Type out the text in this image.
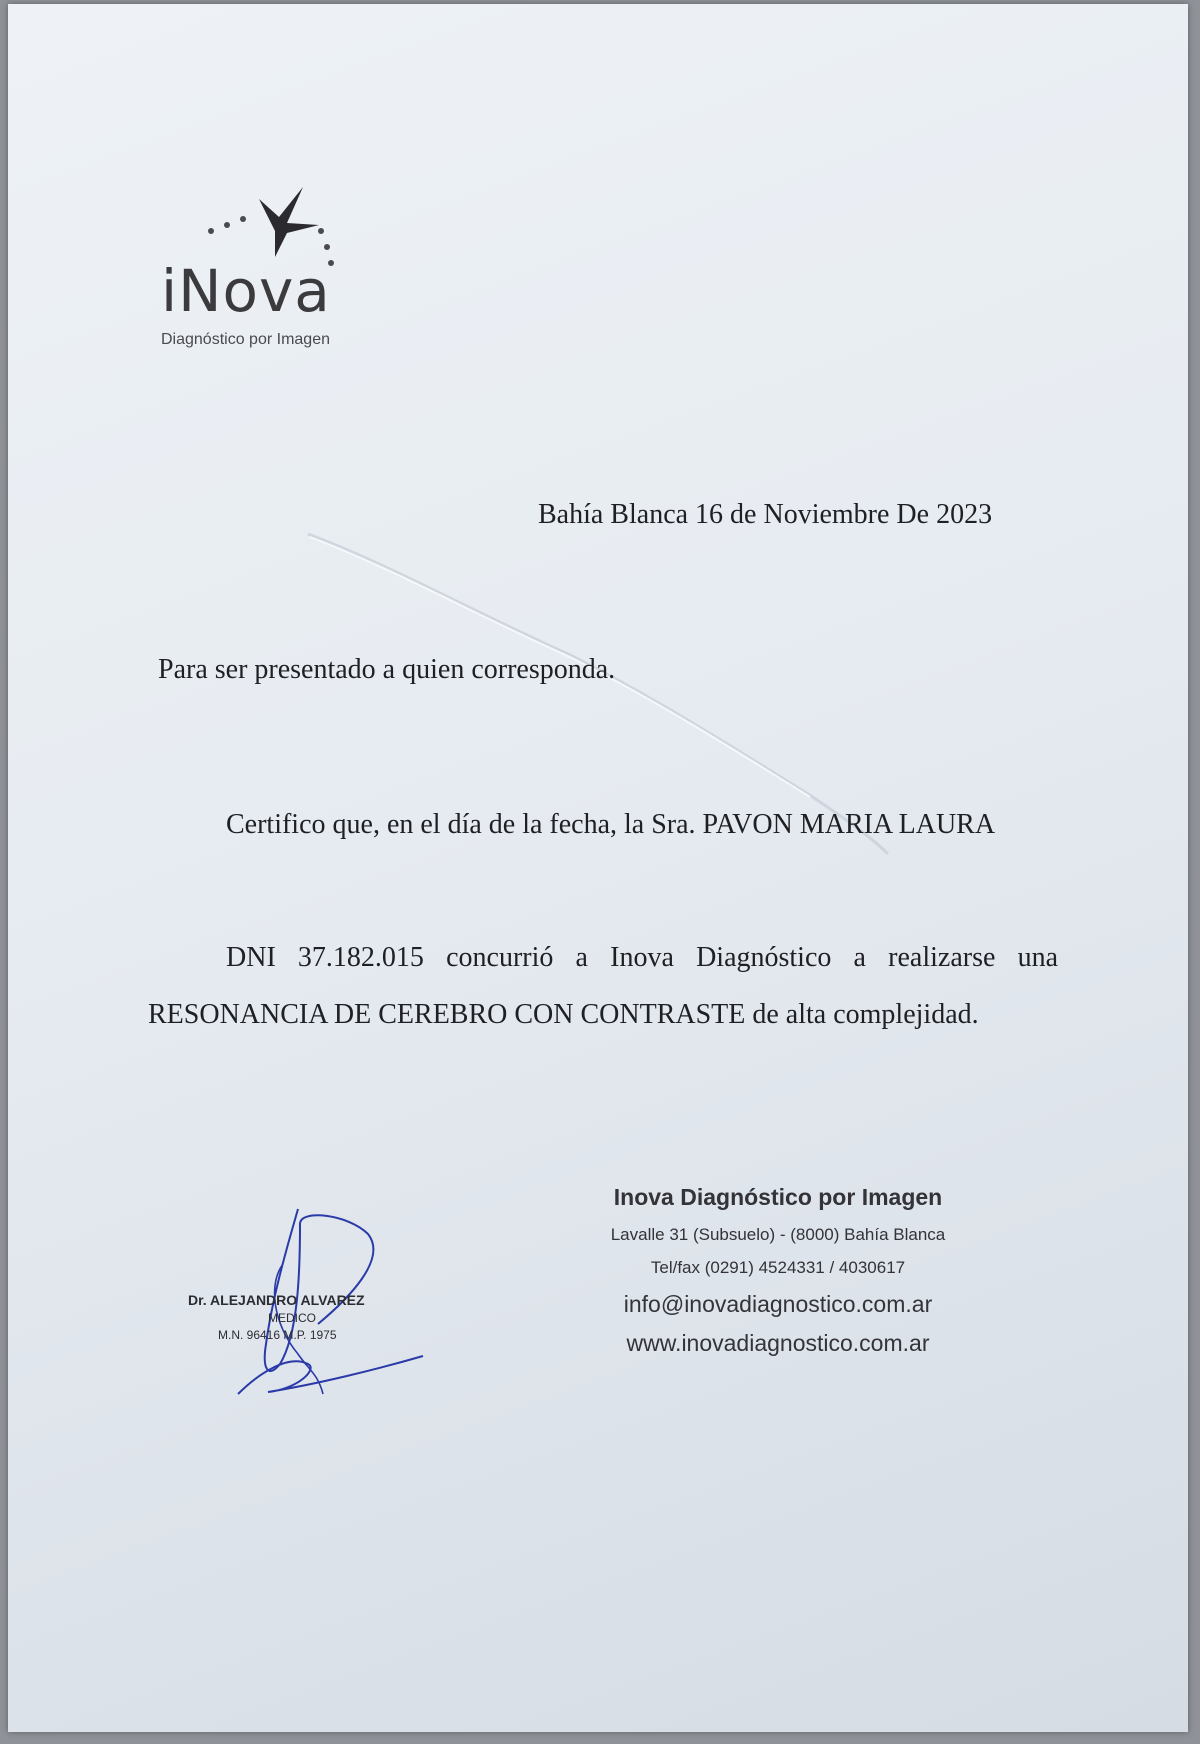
iNova
Diagnóstico por Imagen
Bahía Blanca 16 de Noviembre De 2023
Para ser presentado a quien corresponda.
Certifico que, en el día de la fecha, la Sra. PAVON MARIA LAURA
DNI 37.182.015 concurrió a Inova Diagnóstico a realizarse una RESONANCIA DE CEREBRO CON CONTRASTE de alta complejidad.
Dr. ALEJANDRO ALVAREZ
MEDICO
M.N. 96416 M.P. 1975
Inova Diagnóstico por Imagen
Lavalle 31 (Subsuelo) - (8000) Bahía Blanca
Tel/fax (0291) 4524331 / 4030617
info@inovadiagnostico.com.ar
www.inovadiagnostico.com.ar
